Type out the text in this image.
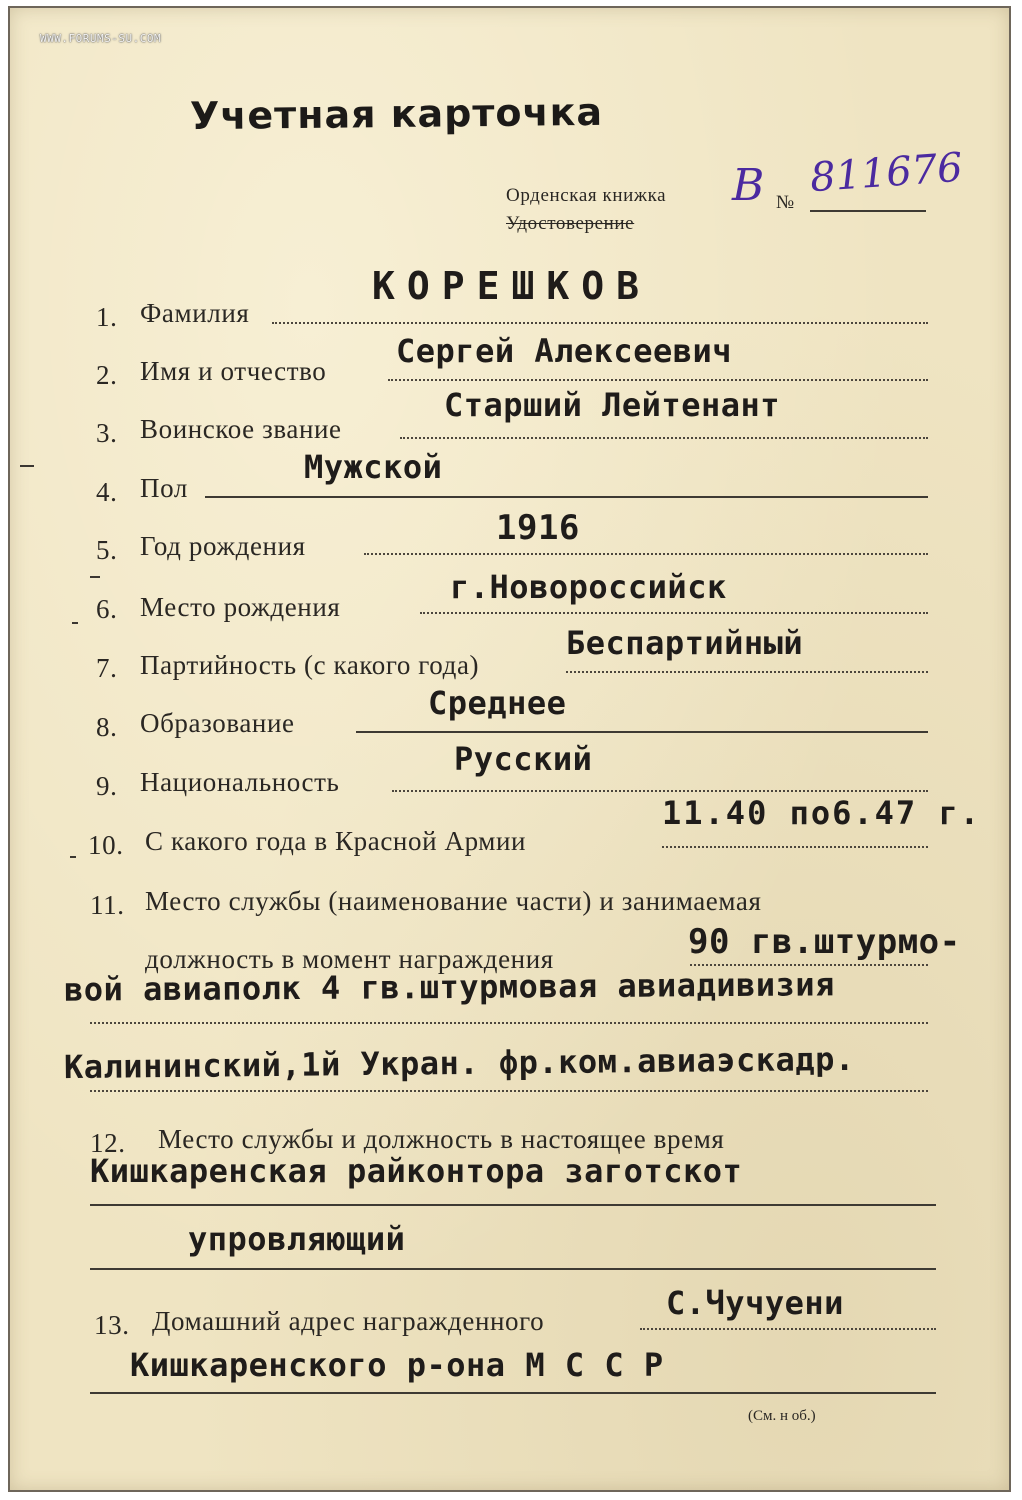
WWW.FORUMS-SU.COM
Учетная карточка
Орденская книжка
Удостоверение
В №
811676
1. Фамилия
КОРЕШКОВ
2. Имя и отчество
Сергей Алексеевич
3. Воинское звание
Старший Лейтенант
4. Пол
Мужской
5. Год рождения	1916
6. Место рождения
г.Новороссийск
7. Партийность (с какого года)
Беспартийный
8. Образование
Среднее
9. Национальность
Русский
10. С какого года в Красной Армии
11.40 по6.47 г.
11. Место службы (наименование части) и занимаемая
должность в момент награждения	90 гв.штурмо-
вой авиаполк 4 гв.штурмовая авиадивизия
Калининский,1й Укран. фр.ком.авиаэскадр.
12. Место службы и должность в настоящее время
Кишкаренская райконтора заготскот
упровляющий
13. Домашний адрес награжденного	С.Чучуени
Кишкаренского р-она М С С Р
(См. н об.)
